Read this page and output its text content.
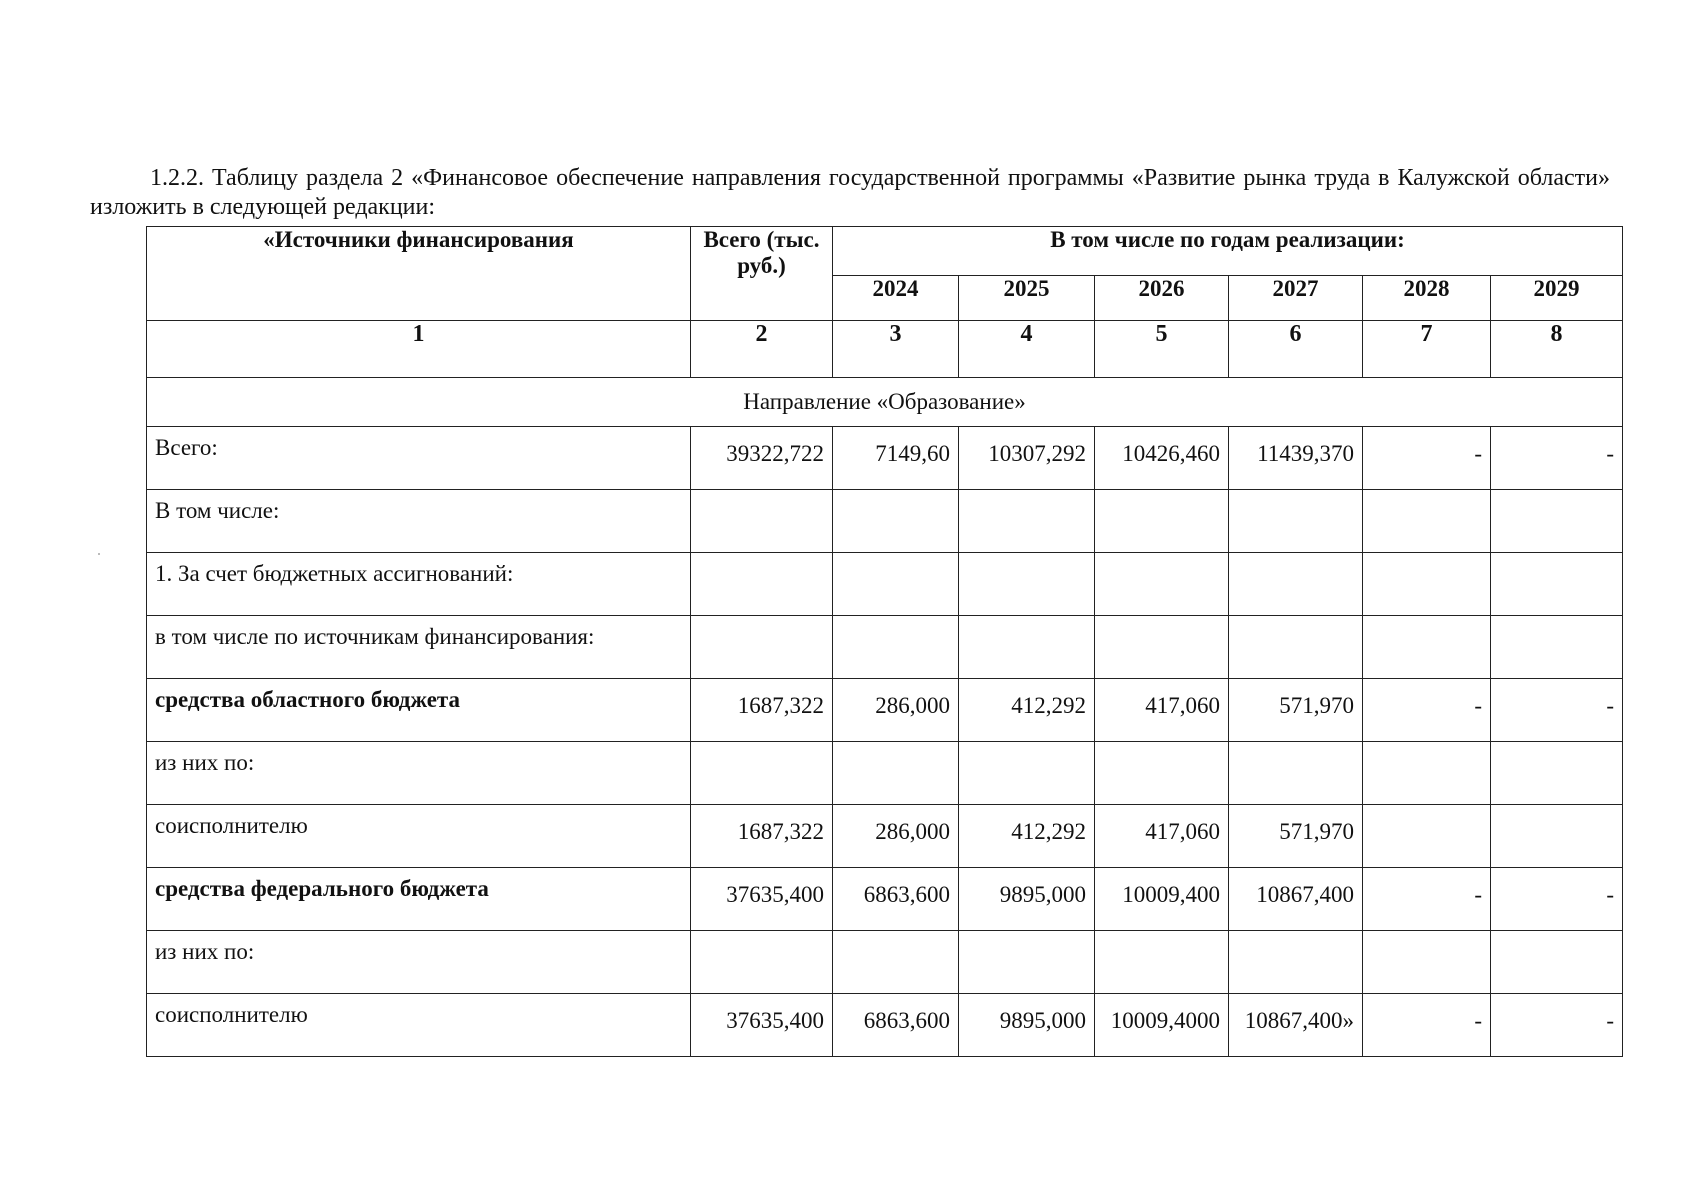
1.2.2. Таблицу раздела 2 «Финансовое обеспечение направления государственной программы «Развитие рынка труда в Калужской области» изложить в следующей редакции:

«Источники финансирования	Всего (тыс. руб.)	В том числе по годам реализации:					
		2024	2025	2026	2027	2028	2029
1	2	3	4	5	6	7	8
Направление «Образование»							
Всего:	39322,722	7149,60	10307,292	10426,460	11439,370	-	-
В том числе:							
1. За счет бюджетных ассигнований:							
в том числе по источникам финансирования:							
средства областного бюджета	1687,322	286,000	412,292	417,060	571,970	-	-
из них по:							
соисполнителю	1687,322	286,000	412,292	417,060	571,970		
средства федерального бюджета	37635,400	6863,600	9895,000	10009,400	10867,400	-	-
из них по:							
соисполнителю	37635,400	6863,600	9895,000	10009,4000	10867,400»	-	-
